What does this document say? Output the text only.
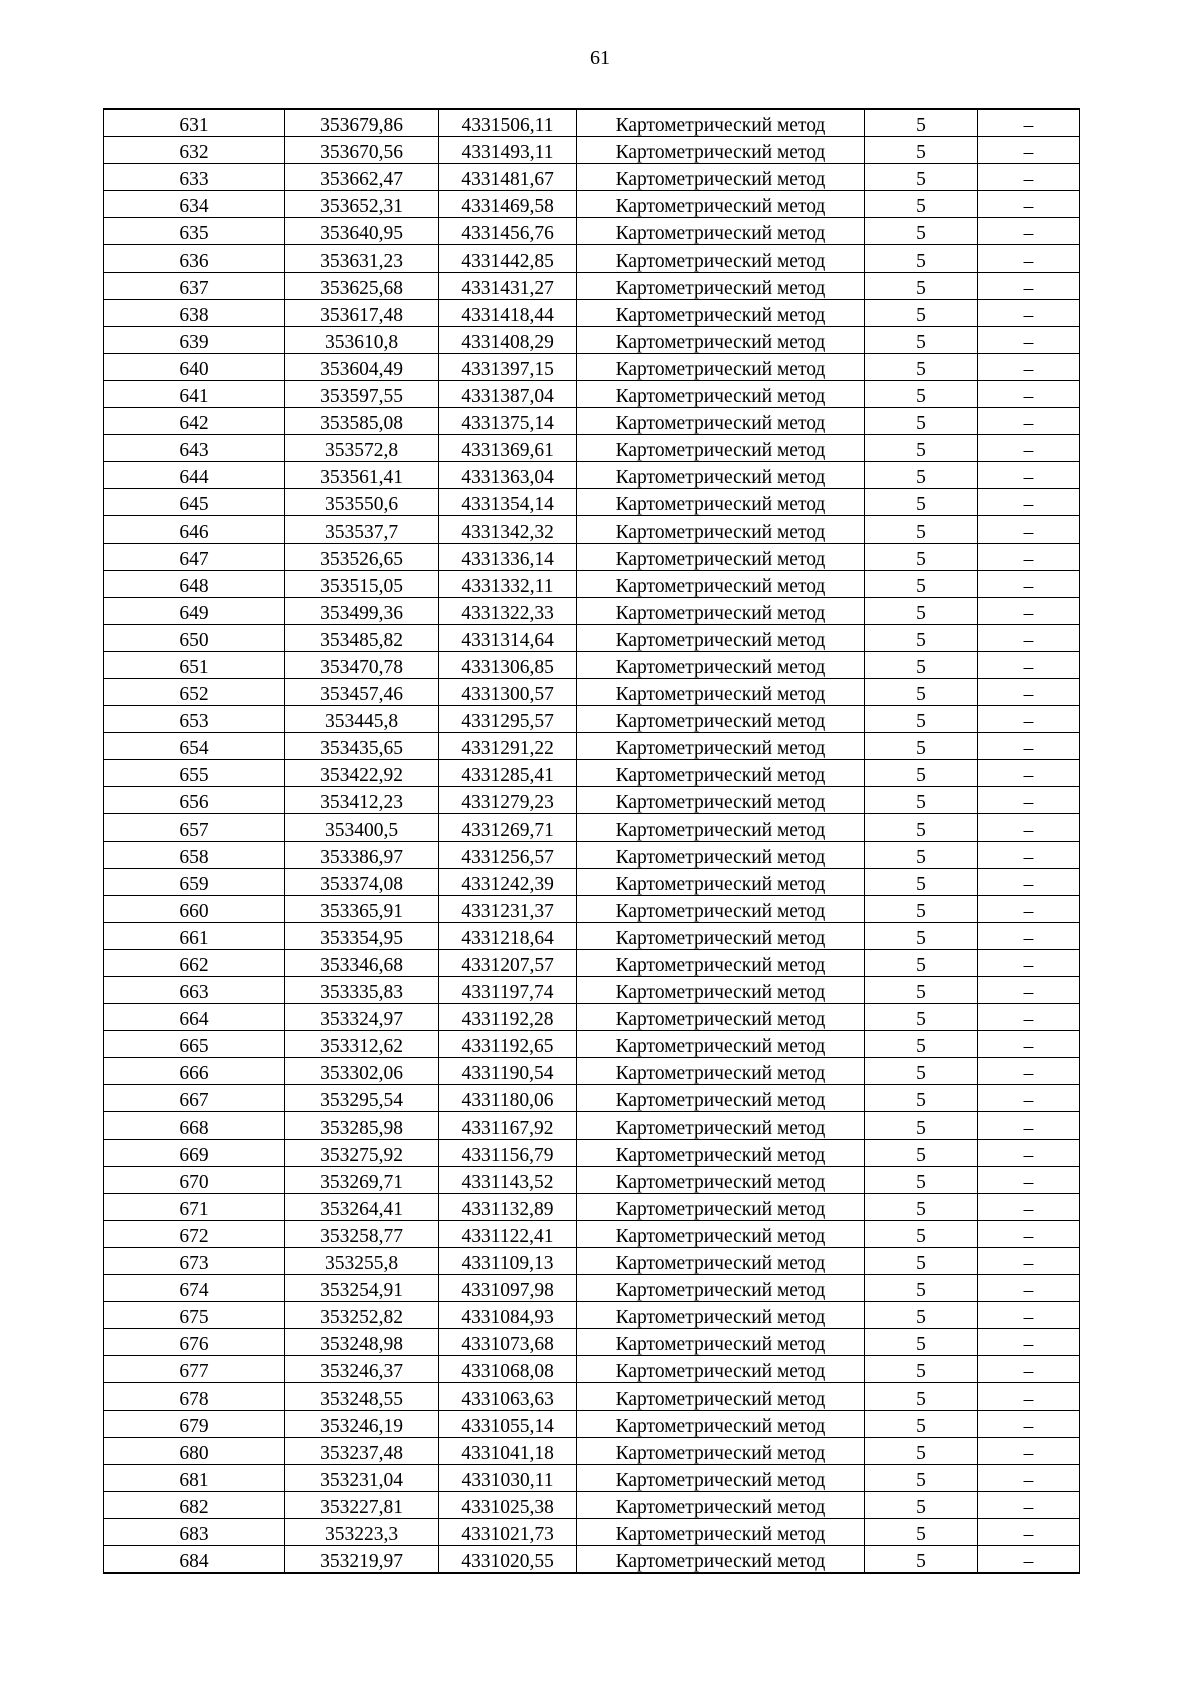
61
631	353679,86	4331506,11	Картометрический метод	5	–
632	353670,56	4331493,11	Картометрический метод	5	–
633	353662,47	4331481,67	Картометрический метод	5	–
634	353652,31	4331469,58	Картометрический метод	5	–
635	353640,95	4331456,76	Картометрический метод	5	–
636	353631,23	4331442,85	Картометрический метод	5	–
637	353625,68	4331431,27	Картометрический метод	5	–
638	353617,48	4331418,44	Картометрический метод	5	–
639	353610,8	4331408,29	Картометрический метод	5	–
640	353604,49	4331397,15	Картометрический метод	5	–
641	353597,55	4331387,04	Картометрический метод	5	–
642	353585,08	4331375,14	Картометрический метод	5	–
643	353572,8	4331369,61	Картометрический метод	5	–
644	353561,41	4331363,04	Картометрический метод	5	–
645	353550,6	4331354,14	Картометрический метод	5	–
646	353537,7	4331342,32	Картометрический метод	5	–
647	353526,65	4331336,14	Картометрический метод	5	–
648	353515,05	4331332,11	Картометрический метод	5	–
649	353499,36	4331322,33	Картометрический метод	5	–
650	353485,82	4331314,64	Картометрический метод	5	–
651	353470,78	4331306,85	Картометрический метод	5	–
652	353457,46	4331300,57	Картометрический метод	5	–
653	353445,8	4331295,57	Картометрический метод	5	–
654	353435,65	4331291,22	Картометрический метод	5	–
655	353422,92	4331285,41	Картометрический метод	5	–
656	353412,23	4331279,23	Картометрический метод	5	–
657	353400,5	4331269,71	Картометрический метод	5	–
658	353386,97	4331256,57	Картометрический метод	5	–
659	353374,08	4331242,39	Картометрический метод	5	–
660	353365,91	4331231,37	Картометрический метод	5	–
661	353354,95	4331218,64	Картометрический метод	5	–
662	353346,68	4331207,57	Картометрический метод	5	–
663	353335,83	4331197,74	Картометрический метод	5	–
664	353324,97	4331192,28	Картометрический метод	5	–
665	353312,62	4331192,65	Картометрический метод	5	–
666	353302,06	4331190,54	Картометрический метод	5	–
667	353295,54	4331180,06	Картометрический метод	5	–
668	353285,98	4331167,92	Картометрический метод	5	–
669	353275,92	4331156,79	Картометрический метод	5	–
670	353269,71	4331143,52	Картометрический метод	5	–
671	353264,41	4331132,89	Картометрический метод	5	–
672	353258,77	4331122,41	Картометрический метод	5	–
673	353255,8	4331109,13	Картометрический метод	5	–
674	353254,91	4331097,98	Картометрический метод	5	–
675	353252,82	4331084,93	Картометрический метод	5	–
676	353248,98	4331073,68	Картометрический метод	5	–
677	353246,37	4331068,08	Картометрический метод	5	–
678	353248,55	4331063,63	Картометрический метод	5	–
679	353246,19	4331055,14	Картометрический метод	5	–
680	353237,48	4331041,18	Картометрический метод	5	–
681	353231,04	4331030,11	Картометрический метод	5	–
682	353227,81	4331025,38	Картометрический метод	5	–
683	353223,3	4331021,73	Картометрический метод	5	–
684	353219,97	4331020,55	Картометрический метод	5	–
